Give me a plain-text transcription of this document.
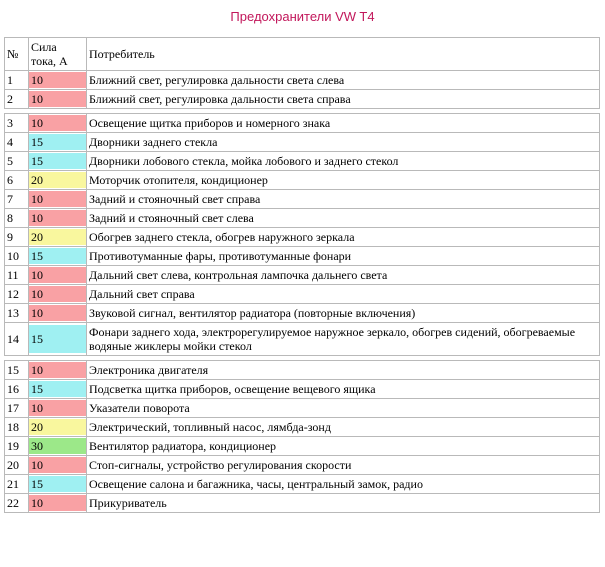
Предохранители VW T4
№	Сила тока, А	Потребитель
1	10	Ближний свет, регулировка дальности света слева
2	10	Ближний свет, регулировка дальности света справа

3	10	Освещение щитка приборов и номерного знака
4	15	Дворники заднего стекла
5	15	Дворники лобового стекла, мойка лобового и заднего стекол
6	20	Моторчик отопителя, кондиционер
7	10	Задний и стояночный свет справа
8	10	Задний и стояночный свет слева
9	20	Обогрев заднего стекла, обогрев наружного зеркала
10	15	Противотуманные фары, противотуманные фонари
11	10	Дальний свет слева, контрольная лампочка дальнего света
12	10	Дальний свет справа
13	10	Звуковой сигнал, вентилятор радиатора (повторные включения)
14	15	Фонари заднего хода, электрорегулируемое наружное зеркало, обогрев сидений, обогреваемые водяные жиклеры мойки стекол

15	10	Электроника двигателя
16	15	Подсветка щитка приборов, освещение вещевого ящика
17	10	Указатели поворота
18	20	Электрический, топливный насос, лямбда-зонд
19	30	Вентилятор радиатора, кондиционер
20	10	Стоп-сигналы, устройство регулирования скорости
21	15	Освещение салона и багажника, часы, центральный замок, радио
22	10	Прикуриватель
